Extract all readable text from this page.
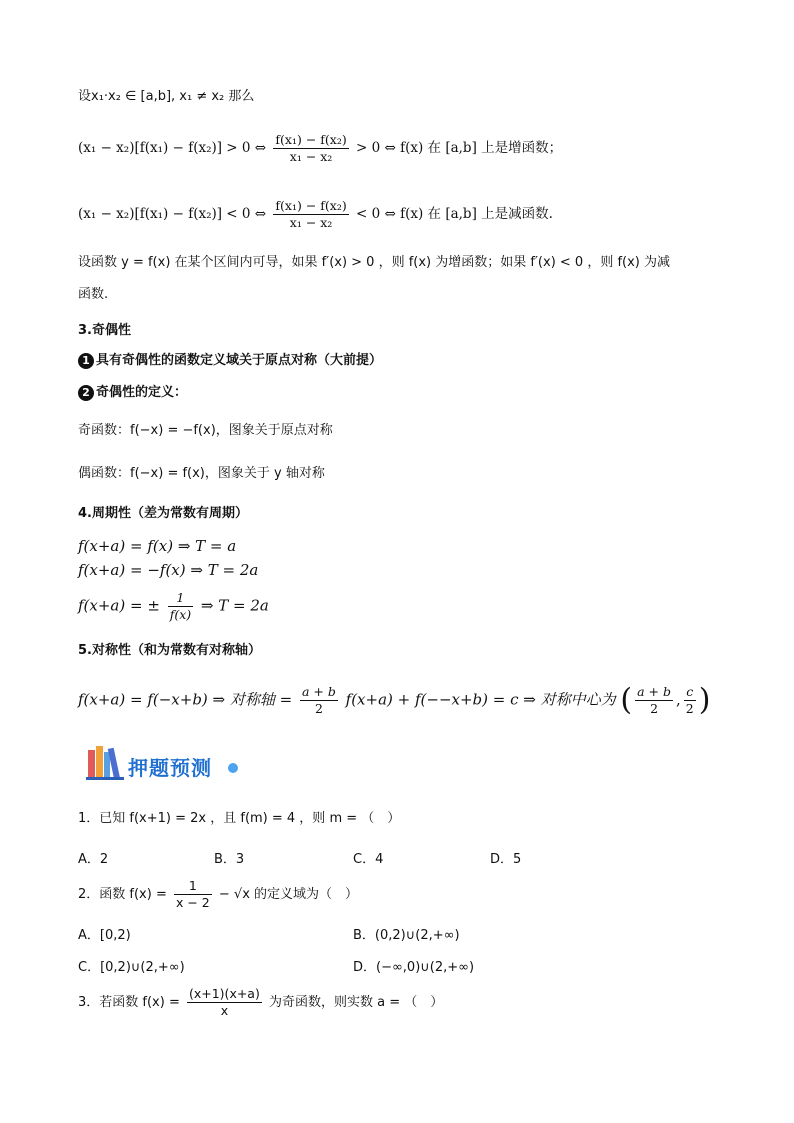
设x₁·x₂ ∈ [a,b], x₁ ≠ x₂ 那么
(x₁ − x₂)[f(x₁) − f(x₂)] > 0 ⇔ $\frac{\text{f(x₁) − f(x₂)}}{\text{x₁ − x₂}} > 0$ ⇔ f(x) 在 [a,b] 上是增函数；
(x₁ − x₂)[f(x₁) − f(x₂)] < 0 ⇔ $\frac{\text{f(x₁) − f(x₂)}}{\text{x₁ − x₂}} < 0$ ⇔ f(x) 在 [a,b] 上是减函数.
设函数 y = f(x) 在某个区间内可导，如果 f′(x) > 0 ，则 f(x) 为增函数；如果 f′(x) < 0 ，则 f(x) 为减
函数.
3.奇偶性
1 具有奇偶性的函数定义域关于原点对称（大前提）
2 奇偶性的定义：
奇函数：f(−x) = −f(x)，图象关于原点对称
偶函数：f(−x) = f(x)，图象关于 y 轴对称
4.周期性（差为常数有周期）
f(x+a) = f(x) ⇒ T = a
f(x+a) = −f(x) ⇒ T = 2a
f(x+a) = ± $\frac{1}{f(x)}$ ⇒ T = 2a
5.对称性（和为常数有对称轴）
f(x+a) = f(−x+b) ⇒ 对称轴 = $\frac{a + b}{2} f(x+a) + f(--x+b) = c$ ⇒ 对称中心为 ( $\frac{a + b}{2}$ , $\frac{c}{2}$ )
押题预测
1．已知 f(x+1) = 2x ，且 f(m) = 4 ，则 m = （　）
A．2	B．3	C．4	D．5
2．函数 $f(x) = \frac{1}{x - 2} - √x$ 的定义域为（　）
A．[0,2)	B．(0,2)∪(2,+∞)
C．[0,2)∪(2,+∞)	D．(−∞,0)∪(2,+∞)
3．若函数 $f(x) = \frac{(x+1)(x+a)}{x}$ 为奇函数，则实数 a = （　）
